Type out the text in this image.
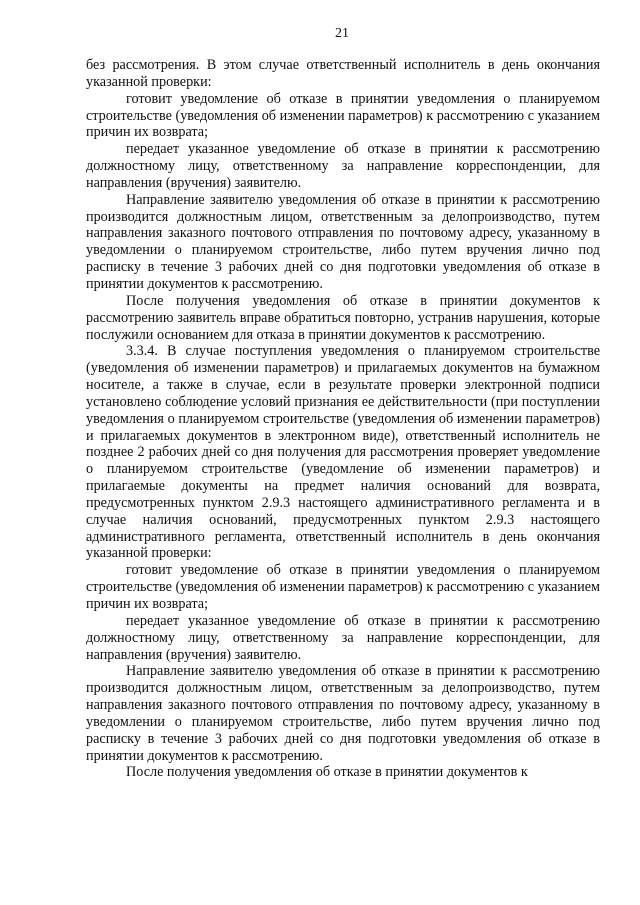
21

без рассмотрения. В этом случае ответственный исполнитель в день окончания указанной проверки:

готовит уведомление об отказе в принятии уведомления о планируемом строительстве (уведомления об изменении параметров) к рассмотрению с указанием причин их возврата;

передает указанное уведомление об отказе в принятии к рассмотрению должностному лицу, ответственному за направление корреспонденции, для направления (вручения) заявителю.

Направление заявителю уведомления об отказе в принятии к рассмотрению производится должностным лицом, ответственным за делопроизводство, путем направления заказного почтового отправления по почтовому адресу, указанному в уведомлении о планируемом строительстве, либо путем вручения лично под расписку в течение 3 рабочих дней со дня подготовки уведомления об отказе в принятии документов к рассмотрению.

После получения уведомления об отказе в принятии документов к рассмотрению заявитель вправе обратиться повторно, устранив нарушения, которые послужили основанием для отказа в принятии документов к рассмотрению.

3.3.4. В случае поступления уведомления о планируемом строительстве (уведомления об изменении параметров) и прилагаемых документов на бумажном носителе, а также в случае, если в результате проверки электронной подписи установлено соблюдение условий признания ее действительности (при поступлении уведомления о планируемом строительстве (уведомления об изменении параметров) и прилагаемых документов в электронном виде), ответственный исполнитель не позднее 2 рабочих дней со дня получения для рассмотрения проверяет уведомление о планируемом строительстве (уведомление об изменении параметров) и прилагаемые документы на предмет наличия оснований для возврата, предусмотренных пунктом 2.9.3 настоящего административного регламента и в случае наличия оснований, предусмотренных пунктом 2.9.3 настоящего административного регламента, ответственный исполнитель в день окончания указанной проверки:

готовит уведомление об отказе в принятии уведомления о планируемом строительстве (уведомления об изменении параметров) к рассмотрению с указанием причин их возврата;

передает указанное уведомление об отказе в принятии к рассмотрению должностному лицу, ответственному за направление корреспонденции, для направления (вручения) заявителю.

Направление заявителю уведомления об отказе в принятии к рассмотрению производится должностным лицом, ответственным за делопроизводство, путем направления заказного почтового отправления по почтовому адресу, указанному в уведомлении о планируемом строительстве, либо путем вручения лично под расписку в течение 3 рабочих дней со дня подготовки уведомления об отказе в принятии документов к рассмотрению.

После получения уведомления об отказе в принятии документов к
